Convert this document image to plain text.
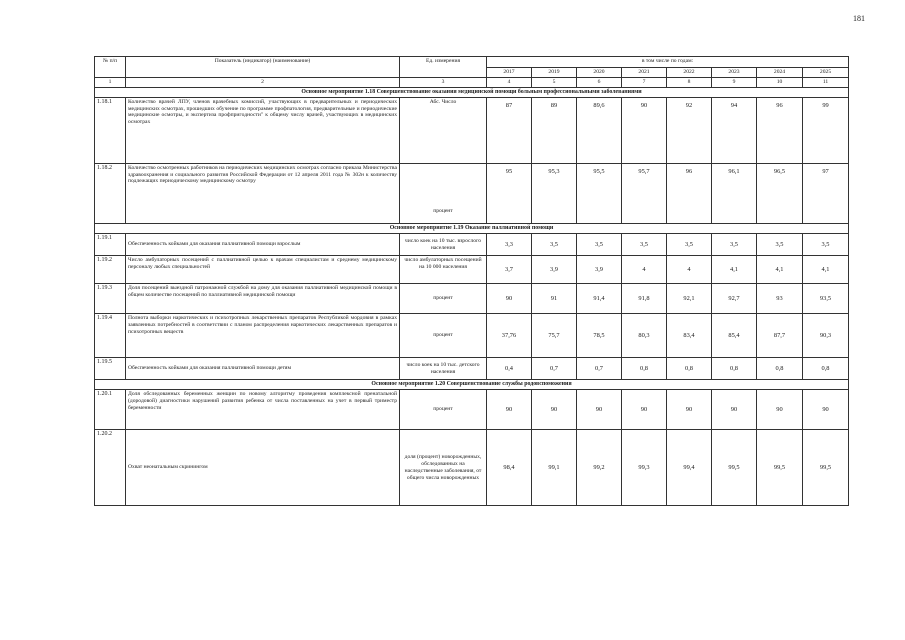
181
№ п/п	Показатель (индикатор) (наименование)	Ед. измерения	в том числе по годам:							
			2017	2019	2020	2021	2022	2023	2024	2025
1	2	3	4	5	6	7	8	9	10	11
Основное мероприятие 1.18 Совершенствование оказания медицинской помощи больным профессиональными заболеваниями										
1.18.1	Количество врачей ЛПУ, членов врачебных комиссий, участвующих в предварительных и периодических медицинских осмотрах, прошедших обучение по программе профпатология, предварительные и периодические медицинские осмотры, и экспертиза профпригодности" к общему числу врачей, участвующих в медицинских осмотрах	Абс. Число	87	89	89,6	90	92	94	96	99
1.18.2	Количество осмотренных работников на периодических медицинских осмотрах согласно приказа Министерства здравоохранения и социального развития Российской Федерации от 12 апреля 2011 года № 302н к количеству подлежащих периодическому медицинскому осмотру	процент	95	95,3	95,5	95,7	96	96,1	96,5	97
Основное мероприятие 1.19 Оказание паллиативной помощи										
1.19.1	Обеспеченность койками для оказания паллиативной помощи взрослым	число коек на 10 тыс. взрослого населения	3,3	3,5	3,5	3,5	3,5	3,5	3,5	3,5
1.19.2	Число амбулаторных посещений с паллиативной целью к врачам специалистам и среднему медицинскому персоналу любых специальностей	число амбулаторных посещений на 10 000 населения	3,7	3,9	3,9	4	4	4,1	4,1	4,1
1.19.3	Доля посещений выездной патронажной службой на дому для оказания паллиативной медицинской помощи в общем количестве посещений по паллиативной медицинской помощи	процент	90	91	91,4	91,8	92,1	92,7	93	93,5
1.19.4	Полнота выборки наркотических и психотропных лекарственных препаратов Республикой мордовия в рамках заявленных потребностей в соответствии с планом распределения наркотических лекарственных препаратов и психотропных веществ	процент	37,76	75,7	78,5	80,3	83,4	85,4	87,7	90,3
1.19.5	Обеспеченность койками для оказания паллиативной помощи детям	число коек на 10 тыс. детского населения	0,4	0,7	0,7	0,8	0,8	0,8	0,8	0,8
Основное мероприятие 1.20 Совершенствование службы родовспоможения										
1.20.1	Доля обследованных беременных женщин по новому алгоритму проведения комплексной пренатальной (дородовой) диагностики нарушений развития ребенка от числа поставленных на учет в первый триместр беременности	процент	90	90	90	90	90	90	90	90
1.20.2	Охват неонатальным скринингом	доля (процент) новорожденных, обследованных на наследственные заболевания, от общего числа новорожденных	98,4	99,1	99,2	99,3	99,4	99,5	99,5	99,5
